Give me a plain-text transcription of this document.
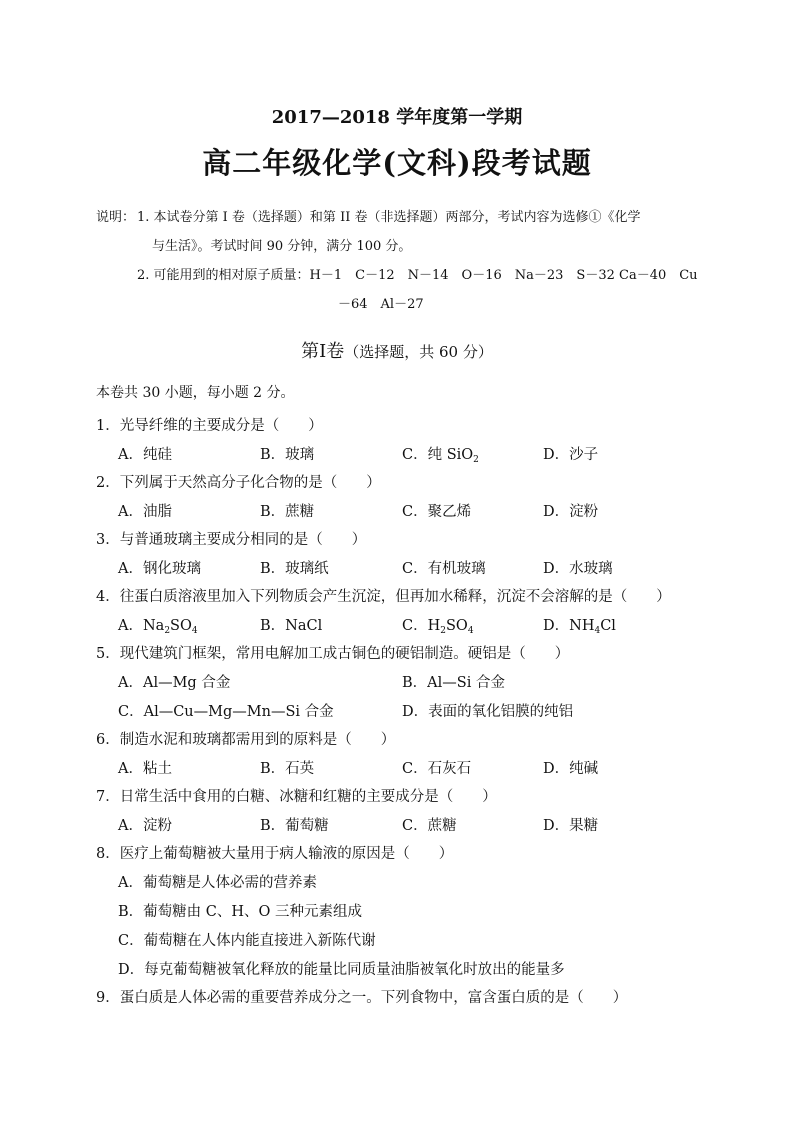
2017—2018 学年度第一学期
高二年级化学(文科)段考试题
说明： 1. 本试卷分第 I 卷（选择题）和第 II 卷（非选择题）两部分，考试内容为选修①《化学
与生活》。考试时间 90 分钟，满分 100 分。
2. 可能用到的相对原子质量：H－1　C－12　N－14　O－16　Na－23　S－32 Ca－40　Cu
－64　Al－27
第Ⅰ卷（选择题，共 60 分）
本卷共 30 小题，每小题 2 分。
1．光导纤维的主要成分是（　　）
A．纯硅	B．玻璃	C．纯 SiO$_2$	D．沙子
2．下列属于天然高分子化合物的是（　　）
A．油脂	B．蔗糖	C．聚乙烯	D．淀粉
3．与普通玻璃主要成分相同的是（　　）
A．钢化玻璃	B．玻璃纸	C．有机玻璃	D．水玻璃
4．往蛋白质溶液里加入下列物质会产生沉淀，但再加水稀释，沉淀不会溶解的是（　　）
A．$Na_2SO_4$	B．NaCl	C．$H_2SO_4$	D．$NH_4Cl$
5．现代建筑门框架，常用电解加工成古铜色的硬铝制造。硬铝是（　　）
A．Al—Mg 合金	B．Al—Si 合金
C．Al—Cu—Mg—Mn—Si 合金	D．表面的氧化铝膜的纯铝
6．制造水泥和玻璃都需用到的原料是（　　）
A．粘土	B．石英	C．石灰石	D．纯碱
7．日常生活中食用的白糖、冰糖和红糖的主要成分是（　　）
A．淀粉	B．葡萄糖	C．蔗糖	D．果糖
8．医疗上葡萄糖被大量用于病人输液的原因是（　　）
A．葡萄糖是人体必需的营养素
B．葡萄糖由 C、H、O 三种元素组成
C．葡萄糖在人体内能直接进入新陈代谢
D．每克葡萄糖被氧化释放的能量比同质量油脂被氧化时放出的能量多
9．蛋白质是人体必需的重要营养成分之一。下列食物中，富含蛋白质的是（　　）
